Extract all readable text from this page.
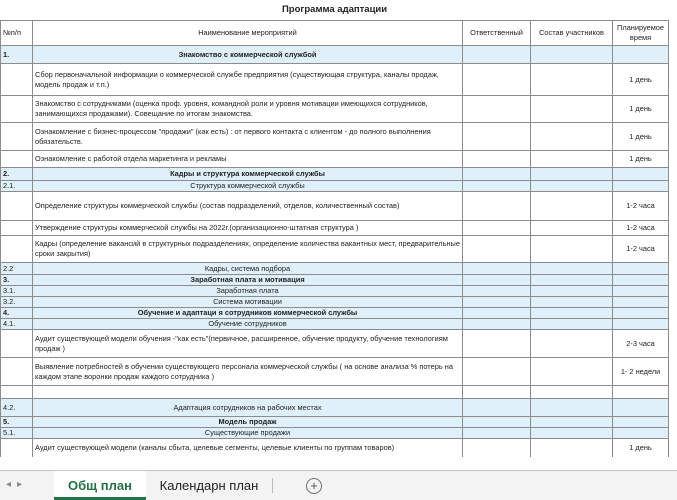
Программа адаптации				
№п/п	Наименование мероприятий	Ответственный	Состав участников	Планируемое время
1.	Знакомство с коммерческой службой			
	Сбор первоначальной информации о коммерческой службе предприятия (существующая структура, каналы продаж, модель продаж и т.п.)			1 день
	Знакомство с сотрудниками (оценка проф. уровня, командной роли и уровня мотивации имеющихся сотрудников, занимающихся продажами). Совещание по итогам знакомства.			1 день
	Ознакомление с бизнес-процессом "продажи" (как есть) : от первого контакта с клиентом - до полного выполнения обязательств.			1 день
	Ознакомление с работой отдела маркетинга и рекламы			1 день
2.	Кадры и структура коммерческой службы			
2.1.	Структура коммерческой службы			
	Определение структуры коммерческой службы (состав подразделений, отделов, количественный состав)			1-2 часа
	Утверждение структуры коммерческой службы на 2022г.(организационно-штатная структура )			1-2 часа
	Кадры (определение вакансий в структурных подразделениях, определение количества вакантных мест, предварительные сроки закрытия)			1-2 часа
2.2	Кадры, система подбора			
3.	Заработная плата и мотивация			
3.1.	Заработная плата			
3.2.	Система мотивации			
4.	Обучение и адаптаци я сотрудников коммерческой службы			
4.1.	Обучение сотрудников			
	Аудит существующей модели обучения -"как есть"(первичное, расширенное, обучение продукту, обучение технологиям продаж )			2-3 часа
	Выявление потребностей в обучении существующего персонала коммерческой службы ( на основе анализа % потерь на каждом этапе воронки продаж каждого сотрудника )			1- 2 недели

4.2.	Адаптация сотрудников на рабочих местах			
5.	Модель продаж			
5.1.	Существующие продажи			
	Аудит существующей модели (каналы сбыта, целевые сегменты, целевые клиенты по группам товаров)			1 день
◂▸	Общ план	Календарн план	+
